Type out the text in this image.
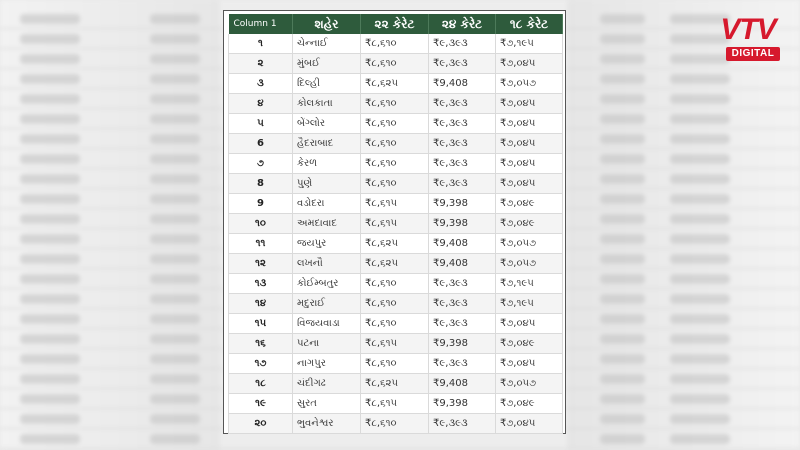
VTV
DIGITAL
Column 1	શહેર	૨૨ કેરેટ	૨૪ કેરેટ	૧૮ કેરેટ
૧	ચેન્નાઈ	₹૮,૬૧૦	₹૯,૩૯૩	₹૭,૧૯૫
૨	મુંબઈ	₹૮,૬૧૦	₹૯,૩૯૩	₹૭,૦૪૫
૩	દિલ્હી	₹૮,૬૨૫	₹9,408	₹૭,૦૫૭
૪	કોલકાતા	₹૮,૬૧૦	₹૯,૩૯૩	₹૭,૦૪૫
૫	બેંગ્લોર	₹૮,૬૧૦	₹૯,૩૯૩	₹૭,૦૪૫
6	હૈદરાબાદ	₹૮,૬૧૦	₹૯,૩૯૩	₹૭,૦૪૫
૭	કેરળ	₹૮,૬૧૦	₹૯,૩૯૩	₹૭,૦૪૫
8	પુણે	₹૮,૬૧૦	₹૯,૩૯૩	₹૭,૦૪૫
9	વડોદરા	₹૮,૬૧૫	₹9,398	₹૭,૦૪૯
૧૦	અમદાવાદ	₹૮,૬૧૫	₹9,398	₹૭,૦૪૯
૧૧	જયપુર	₹૮,૬૨૫	₹9,408	₹૭,૦૫૭
૧૨	લખનૌ	₹૮,૬૨૫	₹9,408	₹૭,૦૫૭
૧૩	કોઈમ્બતુર	₹૮,૬૧૦	₹૯,૩૯૩	₹૭,૧૯૫
૧૪	મદુરાઈ	₹૮,૬૧૦	₹૯,૩૯૩	₹૭,૧૯૫
૧૫	વિજયવાડા	₹૮,૬૧૦	₹૯,૩૯૩	₹૭,૦૪૫
૧૬	પટના	₹૮,૬૧૫	₹9,398	₹૭,૦૪૯
૧૭	નાગપુર	₹૮,૬૧૦	₹૯,૩૯૩	₹૭,૦૪૫
૧૮	ચંદીગઢ	₹૮,૬૨૫	₹9,408	₹૭,૦૫૭
૧૯	સુરત	₹૮,૬૧૫	₹9,398	₹૭,૦૪૯
૨૦	ભુવનેશ્વર	₹૮,૬૧૦	₹૯,૩૯૩	₹૭,૦૪૫
